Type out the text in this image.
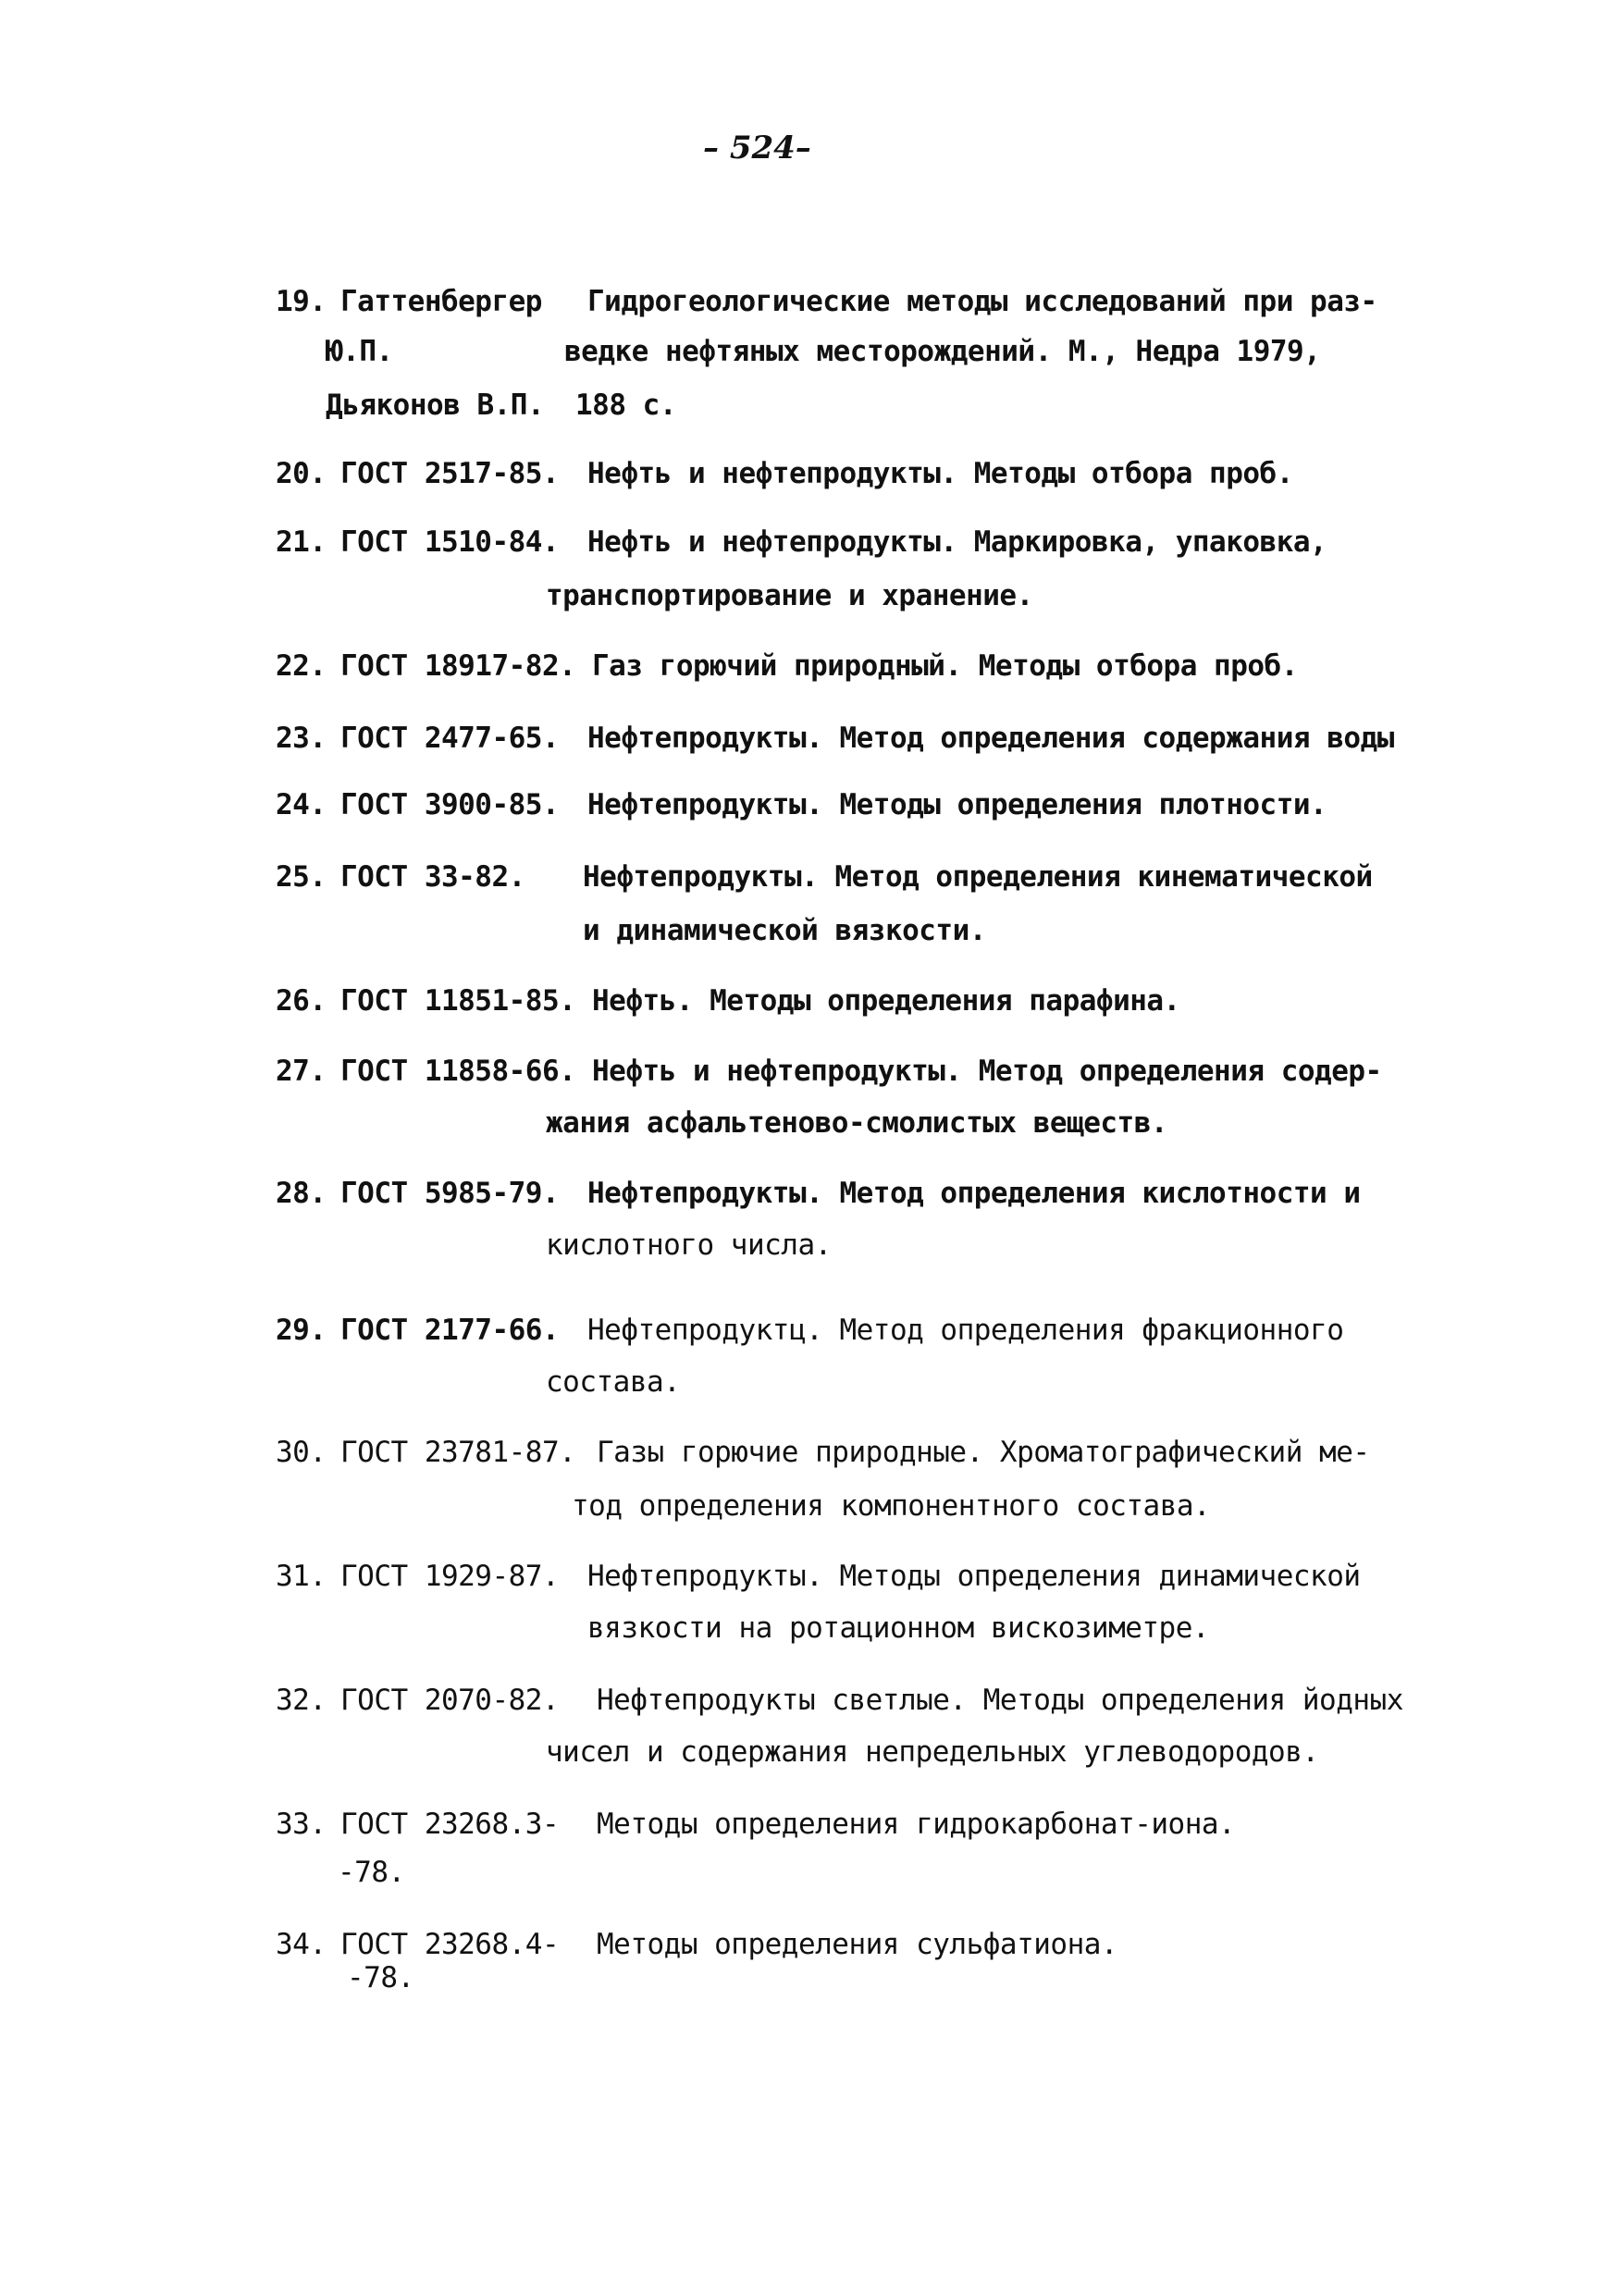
– 524–
19. Гаттенбергер Гидрогеологические методы исследований при раз-
Ю.П.	ведке нефтяных месторождений. М., Недра 1979,
Дьяконов В.П. 188 с.
20. ГОСТ 2517-85. Нефть и нефтепродукты. Методы отбора проб.
21. ГОСТ 1510-84. Нефть и нефтепродукты. Маркировка, упаковка,
транспортирование и хранение.
22. ГОСТ 18917-82. Газ горючий природный. Методы отбора проб.
23. ГОСТ 2477-65. Нефтепродукты. Метод определения содержания воды
24. ГОСТ 3900-85. Нефтепродукты. Методы определения плотности.
25. ГОСТ 33-82. Нефтепродукты. Метод определения кинематической
и динамической вязкости.
26. ГОСТ 11851-85. Нефть. Методы определения парафина.
27. ГОСТ 11858-66. Нефть и нефтепродукты. Метод определения содер-
жания асфальтеново-смолистых веществ.
28. ГОСТ 5985-79. Нефтепродукты. Метод определения кислотности и
кислотного числа.
29. ГОСТ 2177-66. Нефтепродуктц. Метод определения фракционного
состава.
30. ГОСТ 23781-87. Газы горючие природные. Хроматографический ме-
тод определения компонентного состава.
31. ГОСТ 1929-87. Нефтепродукты. Методы определения динамической
вязкости на ротационном вискозиметре.
32. ГОСТ 2070-82. Нефтепродукты светлые. Методы определения йодных
чисел и содержания непредельных углеводородов.
33. ГОСТ 23268.3- Методы определения гидрокарбонат-иона.
-78.
34. ГОСТ 23268.4- Методы определения сульфатиона.
-78.
